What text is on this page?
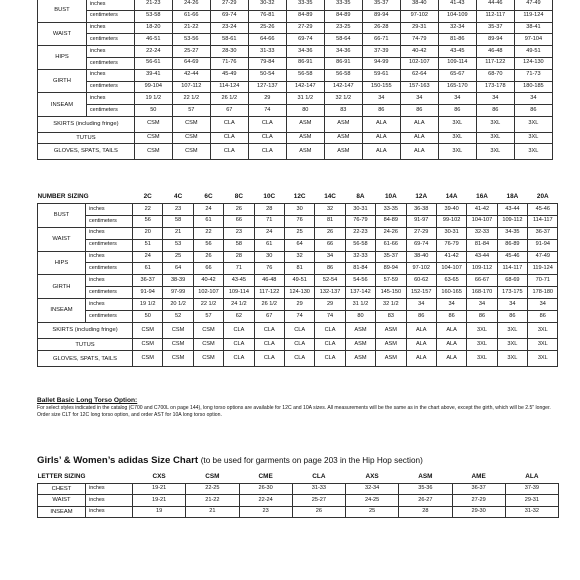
BUST	inches	21-23	24-26	27-29	30-32	33-35	33-35	35-37	38-40	41-43	44-46	47-49
	centimeters	53-58	61-66	69-74	76-81	84-89	84-89	89-94	97-102	104-109	112-117	119-124
WAIST	inches	18-20	21-22	23-24	25-26	27-29	23-25	26-28	29-31	32-34	35-37	38-41
	centimeters	46-51	53-56	58-61	64-66	69-74	58-64	66-71	74-79	81-86	89-94	97-104
HIPS	inches	22-24	25-27	28-30	31-33	34-36	34-36	37-39	40-42	43-45	46-48	49-51
	centimeters	56-61	64-69	71-76	79-84	86-91	86-91	94-99	102-107	109-114	117-122	124-130
GIRTH	inches	39-41	42-44	45-49	50-54	56-58	56-58	59-61	62-64	65-67	68-70	71-73
	centimeters	99-104	107-112	114-124	127-137	142-147	142-147	150-155	157-163	165-170	173-178	180-185
INSEAM	inches	19 1/2	22 1/2	26 1/2	29	31 1/2	32 1/2	34	34	34	34	34
	centimeters	50	57	67	74	80	83	86	86	86	86	86
SKIRTS (including fringe)		CSM	CSM	CLA	CLA	ASM	ASM	ALA	ALA	3XL	3XL	3XL
TUTUS		CSM	CSM	CLA	CLA	ASM	ASM	ALA	ALA	3XL	3XL	3XL
GLOVES, SPATS, TAILS		CSM	CSM	CLA	CLA	ASM	ASM	ALA	ALA	3XL	3XL	3XL
NUMBER SIZING		2C	4C	6C	8C	10C	12C	14C	8A	10A	12A	14A	16A	18A	20A
BUST	inches	22	23	24	26	28	30	32	30-31	33-35	36-38	39-40	41-42	43-44	45-46
	centimeters	56	58	61	66	71	76	81	76-79	84-89	91-97	99-102	104-107	109-112	114-117
WAIST	inches	20	21	22	23	24	25	26	22-23	24-26	27-29	30-31	32-33	34-35	36-37
	centimeters	51	53	56	58	61	64	66	56-58	61-66	69-74	76-79	81-84	86-89	91-94
HIPS	inches	24	25	26	28	30	32	34	32-33	35-37	38-40	41-42	43-44	45-46	47-49
	centimeters	61	64	66	71	76	81	86	81-84	89-94	97-102	104-107	109-112	114-117	119-124
GIRTH	inches	36-37	38-39	40-42	43-45	46-48	49-51	52-54	54-56	57-59	60-62	63-65	66-67	68-69	70-71
	centimeters	91-94	97-99	102-107	109-114	117-122	124-130	132-137	137-142	145-150	152-157	160-165	168-170	173-175	178-180
INSEAM	inches	19 1/2	20 1/2	22 1/2	24 1/2	26 1/2	29	29	31 1/2	32 1/2	34	34	34	34	34
	centimeters	50	52	57	62	67	74	74	80	83	86	86	86	86	86
SKIRTS (including fringe)		CSM	CSM	CSM	CLA	CLA	CLA	CLA	ASM	ASM	ALA	ALA	3XL	3XL	3XL
TUTUS		CSM	CSM	CSM	CLA	CLA	CLA	CLA	ASM	ASM	ALA	ALA	3XL	3XL	3XL
GLOVES, SPATS, TAILS		CSM	CSM	CSM	CLA	CLA	CLA	CLA	ASM	ASM	ALA	ALA	3XL	3XL	3XL
Ballet Basic Long Torso Option:
For select styles indicated in the catalog (C700 and C700L on page 144), long torso options are available for 12C and 10A sizes. All measurements will be the same as in the chart above, except the girth, which will be 2.5" longer. Order size CLT for 12C long torso option, and order AST for 10A long torso option.
Girls’ & Women’s adidas Size Chart (to be used for garments on page 203 in the Hip Hop section)
LETTER SIZING		CXS	CSM	CME	CLA	AXS	ASM	AME	ALA
CHEST	inches	19-21	22-25	26-30	31-33	32-34	35-36	36-37	37-39
WAIST	inches	19-21	21-22	22-24	25-27	24-25	26-27	27-29	29-31
INSEAM	inches	19	21	23	26	25	28	29-30	31-32
